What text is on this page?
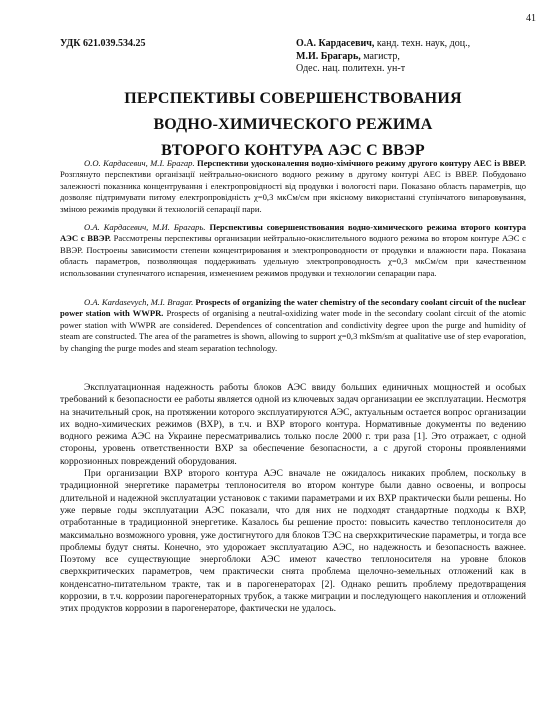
41
УДК 621.039.534.25	О.А. Кардасевич, канд. техн. наук, доц.,
М.И. Брагарь, магистр,
Одес. нац. политехн. ун-т
ПЕРСПЕКТИВЫ СОВЕРШЕНСТВОВАНИЯ
ВОДНО-ХИМИЧЕСКОГО РЕЖИМА
ВТОРОГО КОНТУРА АЭС С ВВЭР
О.О. Кардасевич, М.І. Брагар. Перспективи удосконалення водно-хімічного режиму другого контуру АЕС із ВВЕР. Розглянуто перспективи організації нейтрально-окисного водного режиму в другому контурі АЕС із ВВЕР. Побудовано залежності показника концентрування і електропровідності від продувки і вологості пари. Показано область параметрів, що дозволяє підтримувати питому електропровідність χ=0,3 мкСм/см при якісному використанні ступінчатого випаровування, зміною режимів продувки й технологій сепарації пари.
О.А. Кардасевич, М.И. Брагарь. Перспективы совершенствования водно-химического режима второго контура АЭС с ВВЭР. Рассмотрены перспективы организации нейтрально-окислительного водного режима во втором контуре АЭС с ВВЭР. Построены зависимости степени концентрирования и электропроводности от продувки и влажности пара. Показана область параметров, позволяющая поддерживать удельную электропроводность χ=0,3 мкСм/см при качественном использовании ступенчатого испарения, изменением режимов продувки и технологии сепарации пара.
O.A. Kardasevych, M.I. Bragar. Prospects of organizing the water chemistry of the secondary coolant circuit of the nuclear power station with WWPR. Prospects of organising a neutral-oxidizing water mode in the secondary coolant circuit of the atomic power station with WWPR are considered. Dependences of concentration and condictivity degree upon the purge and humidity of steam are constructed. The area of the parametres is shown, allowing to support χ=0,3 mkSm/sm at qualitative use of step evaporation, by changing the purge modes and steam separation technology.

Эксплуатационная надежность работы блоков АЭС ввиду больших единичных мощностей и особых требований к безопасности ее работы является одной из ключевых задач организации ее эксплуатации. Несмотря на значительный срок, на протяжении которого эксплуатируются АЭС, актуальным остается вопрос организации их водно-химических режимов (ВХР), в т.ч. и ВХР второго контура. Нормативные документы по ведению водного режима АЭС на Украине пересматривались только после 2000 г. три раза [1]. Это отражает, с одной стороны, уровень ответственности ВХР за обеспечение безопасности, а с другой стороны проявлениями коррозионных повреждений оборудования.

При организации ВХР второго контура АЭС вначале не ожидалось никаких проблем, поскольку в традиционной энергетике параметры теплоносителя во втором контуре были давно освоены, и вопросы длительной и надежной эксплуатации установок с такими параметрами и их ВХР практически были решены. Но уже первые годы эксплуатации АЭС показали, что для них не подходят стандартные подходы к ВХР, отработанные в традиционной энергетике. Казалось бы решение просто: повысить качество теплоносителя до максимально возможного уровня, уже достигнутого для блоков ТЭС на сверхкритические параметры, и тогда все проблемы будут сняты. Конечно, это удорожает эксплуатацию АЭС, но надежность и безопасность важнее. Поэтому все существующие энергоблоки АЭС имеют качество теплоносителя на уровне блоков сверхкритических параметров, чем практически снята проблема щелочно-земельных отложений как в конденсатно-питательном тракте, так и в парогенераторах [2]. Однако решить проблему предотвращения коррозии, в т.ч. коррозии парогенераторных трубок, а также миграции и последующего накопления и отложений этих продуктов коррозии в парогенераторе, фактически не удалось.
